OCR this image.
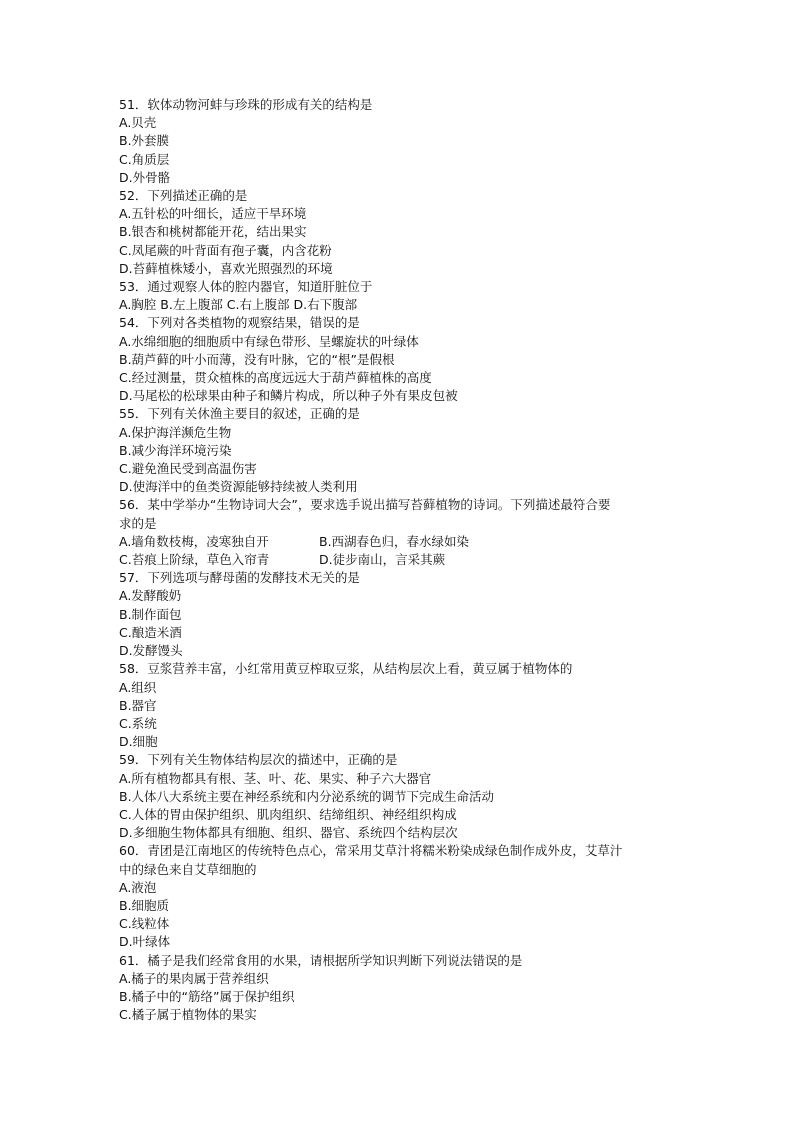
51．软体动物河蚌与珍珠的形成有关的结构是
A.贝壳
B.外套膜
C.角质层
D.外骨骼
52．下列描述正确的是
A.五针松的叶细长，适应干旱环境
B.银杏和桃树都能开花，结出果实
C.凤尾蕨的叶背面有孢子囊，内含花粉
D.苔藓植株矮小，喜欢光照强烈的环境
53．通过观察人体的腔内器官，知道肝脏位于
A.胸腔 B.左上腹部 C.右上腹部 D.右下腹部
54．下列对各类植物的观察结果，错误的是
A.水绵细胞的细胞质中有绿色带形、呈螺旋状的叶绿体
B.葫芦藓的叶小而薄，没有叶脉，它的“根”是假根
C.经过测量，贯众植株的高度远远大于葫芦藓植株的高度
D.马尾松的松球果由种子和鳞片构成，所以种子外有果皮包被
55．下列有关休渔主要目的叙述，正确的是
A.保护海洋濒危生物
B.减少海洋环境污染
C.避免渔民受到高温伤害
D.使海洋中的鱼类资源能够持续被人类利用
56．某中学举办“生物诗词大会”，要求选手说出描写苔藓植物的诗词。下列描述最符合要
求的是
A.墙角数枝梅，凌寒独自开	B.西湖春色归，春水绿如染
C.苔痕上阶绿，草色入帘青	D.徒步南山，言采其蕨
57．下列选项与酵母菌的发酵技术无关的是
A.发酵酸奶
B.制作面包
C.酿造米酒
D.发酵馒头
58．豆浆营养丰富，小红常用黄豆榨取豆浆，从结构层次上看，黄豆属于植物体的
A.组织
B.器官
C.系统
D.细胞
59．下列有关生物体结构层次的描述中，正确的是
A.所有植物都具有根、茎、叶、花、果实、种子六大器官
B.人体八大系统主要在神经系统和内分泌系统的调节下完成生命活动
C.人体的胃由保护组织、肌肉组织、结缔组织、神经组织构成
D.多细胞生物体都具有细胞、组织、器官、系统四个结构层次
60．青团是江南地区的传统特色点心，常采用艾草汁将糯米粉染成绿色制作成外皮，艾草汁
中的绿色来自艾草细胞的
A.液泡
B.细胞质
C.线粒体
D.叶绿体
61．橘子是我们经常食用的水果，请根据所学知识判断下列说法错误的是
A.橘子的果肉属于营养组织
B.橘子中的“筋络”属于保护组织
C.橘子属于植物体的果实
